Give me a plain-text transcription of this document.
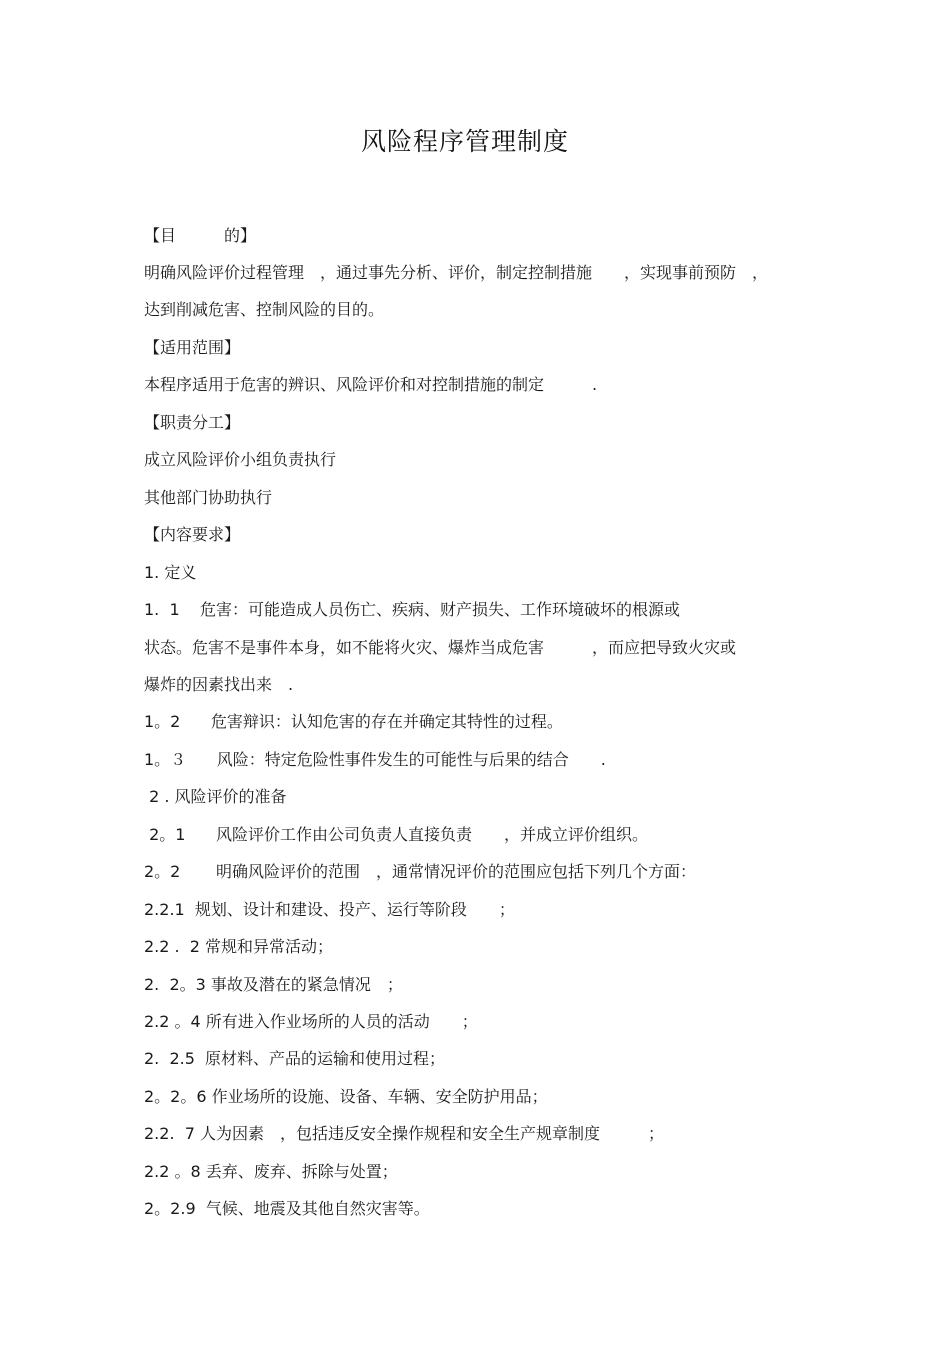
风险程序管理制度
【目　　　的】
明确风险评价过程管理　，通过事先分析、评价，制定控制措施　　，实现事前预防　，
达到削减危害、控制风险的目的。
【适用范围】
本程序适用于危害的辨识、风险评价和对控制措施的制定　　　.
【职责分工】
成立风险评价小组负责执行
其他部门协助执行
【内容要求】
1. 定义
1.  1    危害：可能造成人员伤亡、疾病、财产损失、工作环境破坏的根源或
状态。危害不是事件本身，如不能将火灾、爆炸当成危害　　　，而应把导致火灾或
爆炸的因素找出来　.
1。2      危害辩识：认知危害的存在并确定其特性的过程。
1。３      风险：特定危险性事件发生的可能性与后果的结合　　.
2 . 风险评价的准备
2。1      风险评价工作由公司负责人直接负责　　，并成立评价组织。
2。2       明确风险评价的范围　，通常情况评价的范围应包括下列几个方面：
2.2.1  规划、设计和建设、投产、运行等阶段　　；
2.2 .  2 常规和异常活动；
2.  2。3 事故及潜在的紧急情况　；
2.2 。4 所有进入作业场所的人员的活动　　；
2.  2.5  原材料、产品的运输和使用过程；
2。2。6 作业场所的设施、设备、车辆、安全防护用品；
2.2.  7 人为因素　，包括违反安全操作规程和安全生产规章制度　　　；
2.2 。8 丢弃、废弃、拆除与处置；
2。2.9  气候、地震及其他自然灾害等。
